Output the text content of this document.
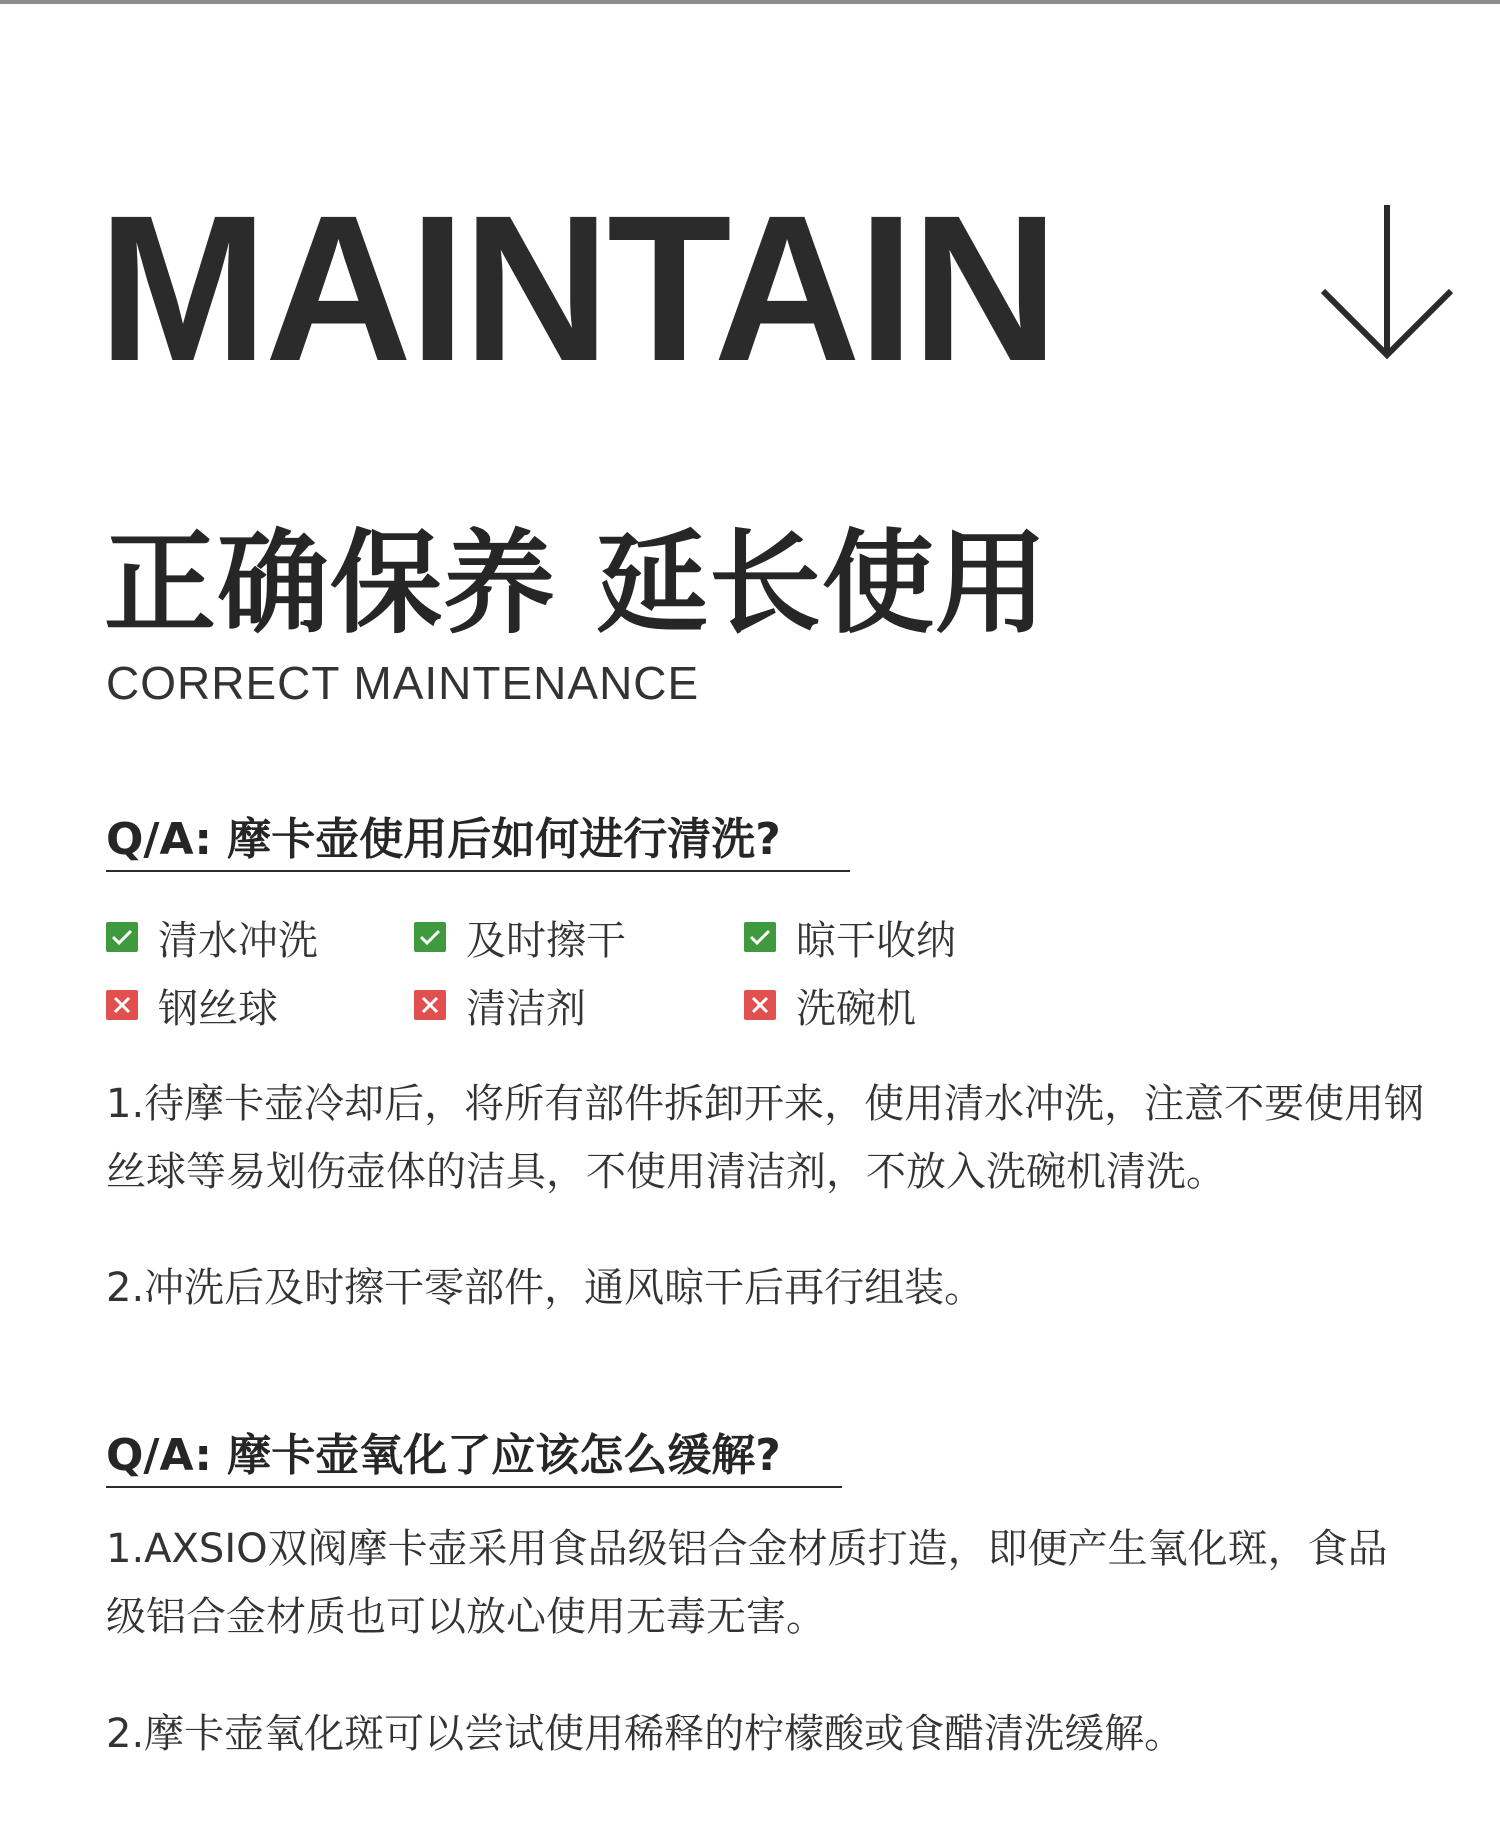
MAINTAIN
正确保养 延长使用
CORRECT MAINTENANCE
Q/A: 摩卡壶使用后如何进行清洗?
清水冲洗	及时擦干	晾干收纳
钢丝球	清洁剂	洗碗机
1.待摩卡壶冷却后，将所有部件拆卸开来，使用清水冲洗，注意不要使用钢丝球等易划伤壶体的洁具，不使用清洁剂，不放入洗碗机清洗。
2.冲洗后及时擦干零部件，通风晾干后再行组装。
Q/A: 摩卡壶氧化了应该怎么缓解?
1.AXSIO双阀摩卡壶采用食品级铝合金材质打造，即便产生氧化斑，食品级铝合金材质也可以放心使用无毒无害。
2.摩卡壶氧化斑可以尝试使用稀释的柠檬酸或食醋清洗缓解。
